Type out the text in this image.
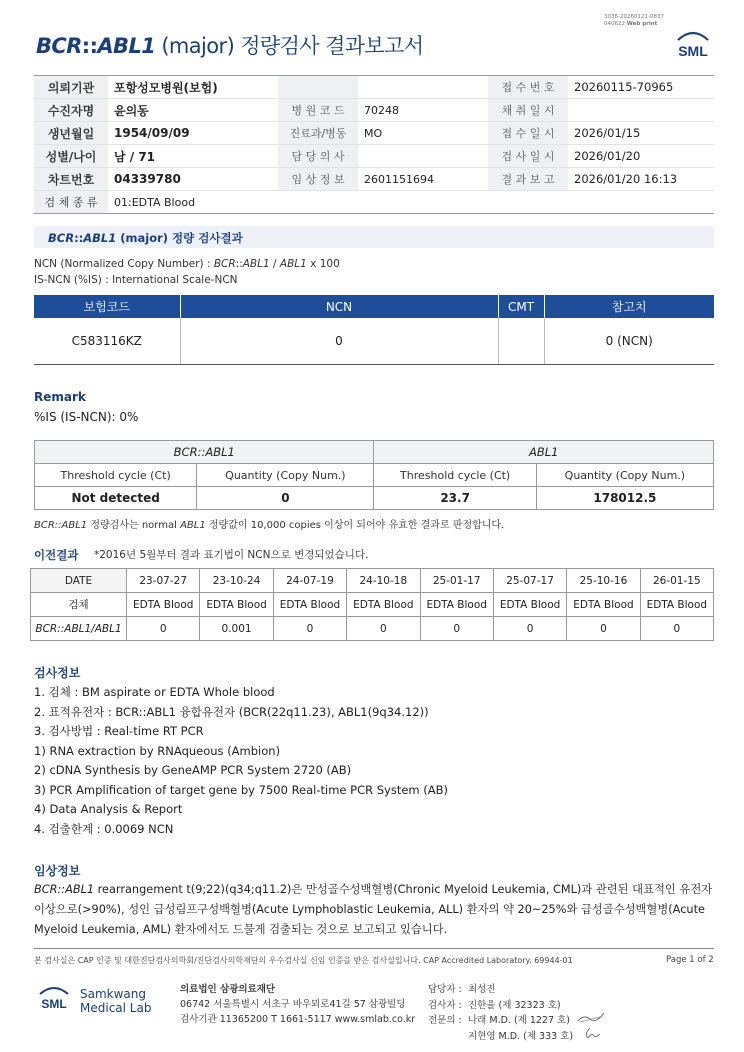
3036-20260121-0837
040622 Web print
BCR::ABL1 (major) 정량검사 결과보고서	SML
의뢰기관	포항성모병원(보험)			접 수 번 호	20260115-70965
수진자명	윤의동	병 원 코 드	70248	채 취 일 시	
생년월일	1954/09/09	진료과/병동	MO	접 수 일 시	2026/01/15
성별/나이	남 / 71	담 당 의 사		검 사 일 시	2026/01/20
차트번호	04339780	임 상 정 보	2601151694	결 과 보 고	2026/01/20 16:13
검 체 종 류	01:EDTA Blood				
BCR::ABL1 (major) 정량 검사결과
NCN (Normalized Copy Number) : BCR::ABL1 / ABL1 x 100
IS-NCN (%IS) : International Scale-NCN
보험코드	NCN	CMT	참고치
C583116KZ	0		0 (NCN)
Remark
%IS (IS-NCN): 0%
BCR::ABL1		ABL1	
Threshold cycle (Ct)	Quantity (Copy Num.)	Threshold cycle (Ct)	Quantity (Copy Num.)
Not detected	0	23.7	178012.5
BCR::ABL1 정량검사는 normal ABL1 정량값이 10,000 copies 이상이 되어야 유효한 결과로 판정합니다.
이전결과 *2016년 5월부터 결과 표기법이 NCN으로 변경되었습니다.
DATE	23-07-27	23-10-24	24-07-19	24-10-18	25-01-17	25-07-17	25-10-16	26-01-15
검체	EDTA Blood	EDTA Blood	EDTA Blood	EDTA Blood	EDTA Blood	EDTA Blood	EDTA Blood	EDTA Blood
BCR::ABL1/ABL1	0	0.001	0	0	0	0	0	0
검사정보
1. 검체 : BM aspirate or EDTA Whole blood
2. 표적유전자 : BCR::ABL1 융합유전자 (BCR(22q11.23), ABL1(9q34.12))
3. 검사방법 : Real-time RT PCR
1) RNA extraction by RNAqueous (Ambion)
2) cDNA Synthesis by GeneAMP PCR System 2720 (AB)
3) PCR Amplification of target gene by 7500 Real-time PCR System (AB)
4) Data Analysis & Report
4. 검출한계 : 0.0069 NCN
임상정보
BCR::ABL1 rearrangement t(9;22)(q34;q11.2)은 만성골수성백혈병(Chronic Myeloid Leukemia, CML)과 관련된 대표적인 유전자 이상으로(>90%), 성인 급성림프구성백혈병(Acute Lymphoblastic Leukemia, ALL) 환자의 약 20~25%와 급성골수성백혈병(Acute Myeloid Leukemia, AML) 환자에서도 드물게 검출되는 것으로 보고되고 있습니다.
본 검사실은 CAP 인증 및 대한진단검사의학회/진단검사의학재단의 우수검사실 신임 인증을 받은 검사실입니다. CAP Accredited Laboratory. 69944-01	Page 1 of 2
SML
Samkwang
Medical Lab
의료법인 삼광의료재단
06742 서울특별시 서초구 바우뫼로41길 57 삼광빌딩
검사기관 11365200 T 1661-5117 www.smlab.co.kr
담당자 : 최성진
검사자 : 진한울 (제 32323 호)
전문의 : 나래 M.D. (제 1227 호)
지현영 M.D. (제 333 호)
